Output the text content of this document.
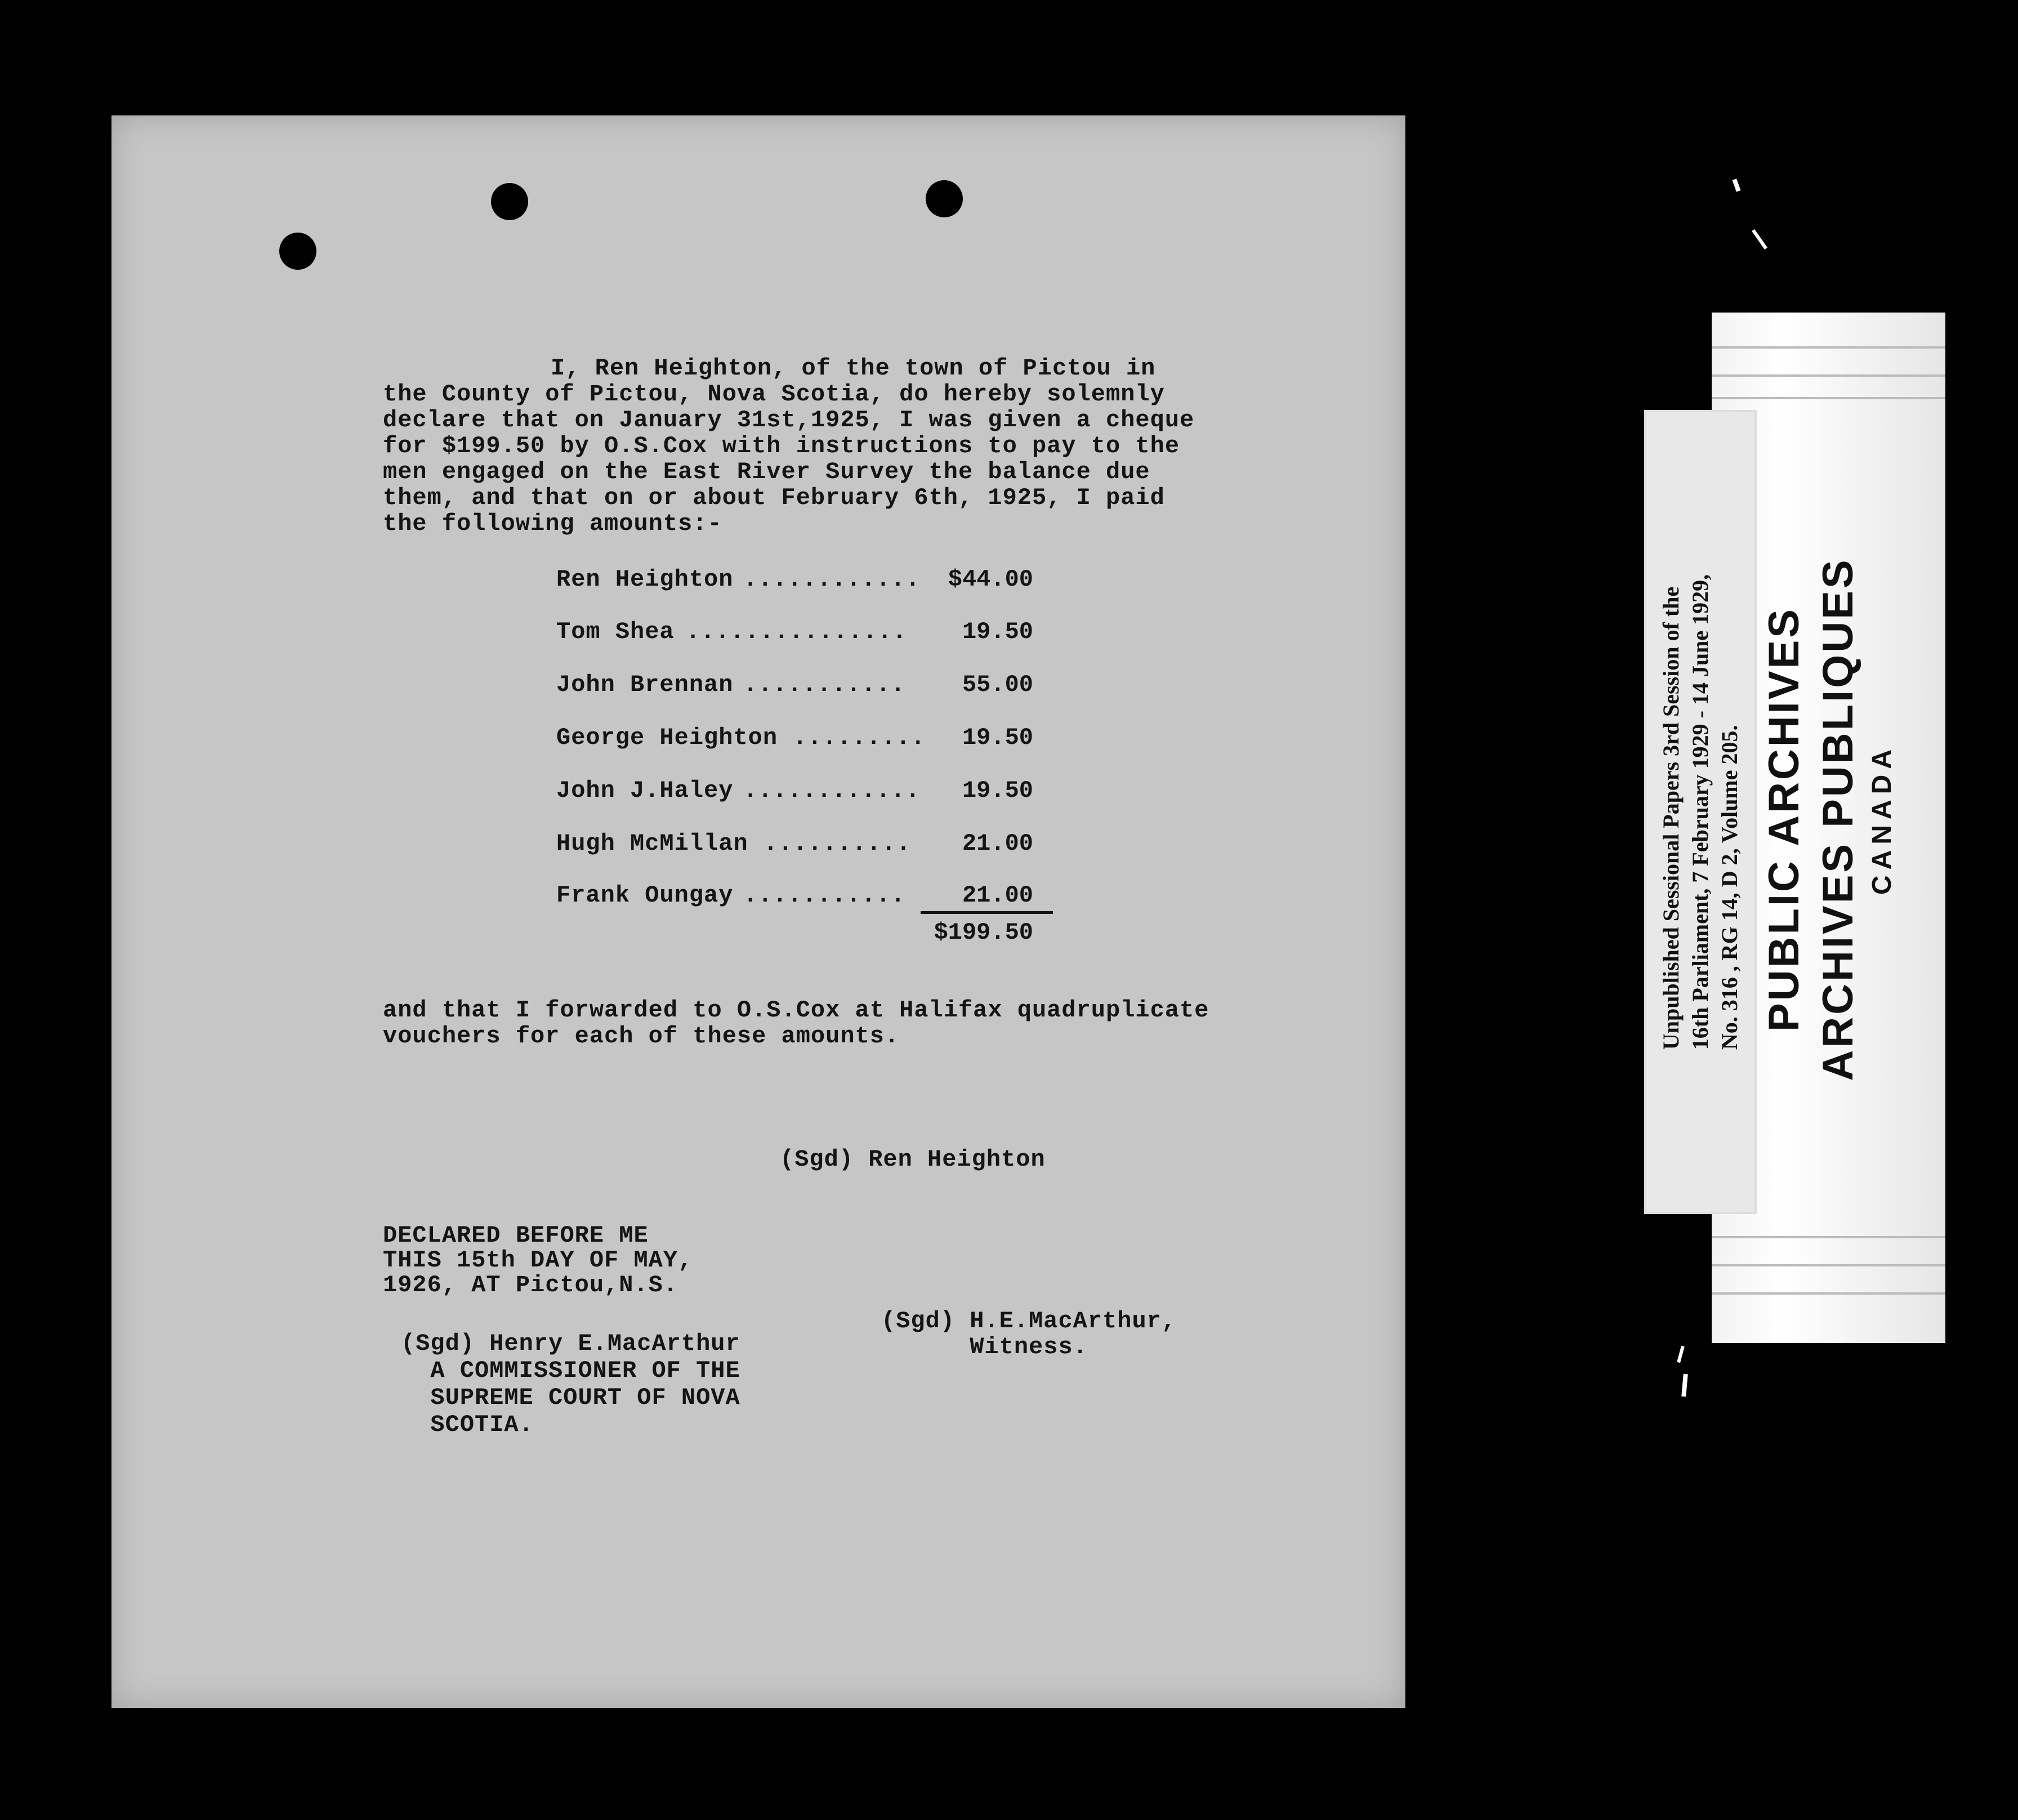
I, Ren Heighton, of the town of Pictou in
the County of Pictou, Nova Scotia, do hereby solemnly
declare that on January 31st,1925, I was given a cheque
for $199.50 by O.S.Cox with instructions to pay to the
men engaged on the East River Survey the balance due
them, and that on or about February 6th, 1925, I paid
the following amounts:-
Ren Heighton ............	$44.00
Tom Shea ...............	19.50
John Brennan ...........	55.00
George Heighton .........	19.50
John J.Haley ............	19.50
Hugh McMillan ..........	21.00
Frank Oungay ...........	21.00
$199.50
and that I forwarded to O.S.Cox at Halifax quadruplicate
vouchers for each of these amounts.
(Sgd) Ren Heighton
DECLARED BEFORE ME
THIS 15th DAY OF MAY,
1926, AT Pictou,N.S.
(Sgd) Henry E.MacArthur
A COMMISSIONER OF THE
SUPREME COURT OF NOVA
SCOTIA.
(Sgd) H.E.MacArthur,
Witness.
PUBLIC ARCHIVES ARCHIVES PUBLIQUES CANADA
Unpublished Sessional Papers 3rd Session of the 16th Parliament, 7 February 1929 - 14 June 1929, No. 316 , RG 14, D 2, Volume 205.
